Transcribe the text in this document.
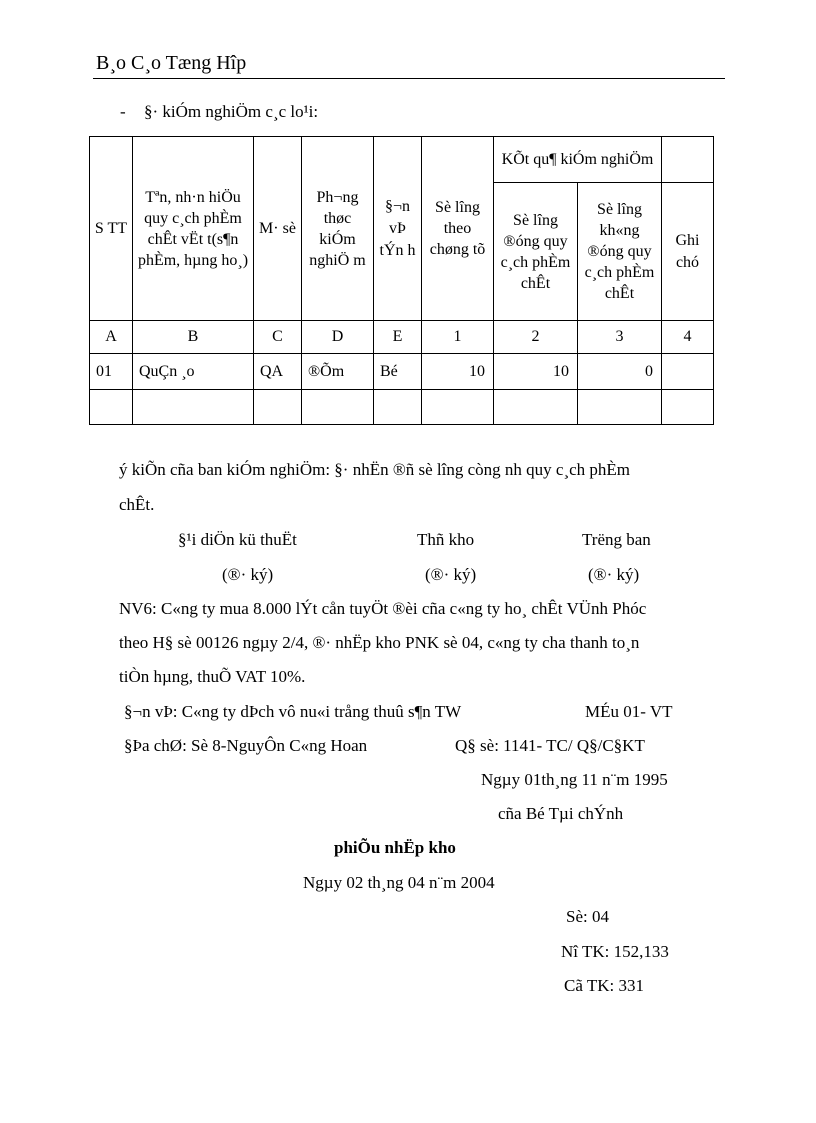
B¸o C¸o Tæng Hîp
- §· kiÓm nghiÖm c¸c lo¹i:
S TT	Tªn, nh·n hiÖu quy c¸ch phÈm chÊt vËt t(s¶n phÈm, hµng ho¸)	M· sè	Ph¬ng thøc kiÓm nghiÖ m	§¬n vÞ tÝn h	Sè lîng theo chøng tõ	KÕt qu¶ kiÓm nghiÖm		
						Sè lîng ®óng quy c¸ch phÈm chÊt	Sè lîng kh«ng ®óng quy c¸ch phÈm chÊt	Ghi chó
A	B	C	D	E	1	2	3	4
01	QuÇn ¸o	QA	®Õm	Bé	10	10	0	

ý kiÕn cña ban kiÓm nghiÖm: §· nhËn ®ñ sè lîng còng nh quy c¸ch phÈm
chÊt.
§¹i diÖn kü thuËt	Thñ kho	Trëng ban
(®· ký)	(®· ký)	(®· ký)
NV6: C«ng ty mua 8.000 lÝt cån tuyÖt ®èi cña c«ng ty ho¸ chÊt VÜnh Phóc
theo H§ sè 00126 ngµy 2/4, ®· nhËp kho PNK sè 04, c«ng ty cha thanh to¸n
tiÒn hµng, thuÕ VAT 10%.
§¬n vÞ: C«ng ty dÞch vô nu«i trång thuû s¶n TW	MÉu 01- VT
§Þa chØ: Sè 8-NguyÔn C«ng Hoan	Q§ sè: 1141- TC/ Q§/C§KT
Ngµy 01th¸ng 11 n¨m 1995
cña Bé Tµi chÝnh
phiÕu nhËp kho
Ngµy 02 th¸ng 04 n¨m 2004
Sè: 04
Nî TK: 152,133
Cã TK: 331
